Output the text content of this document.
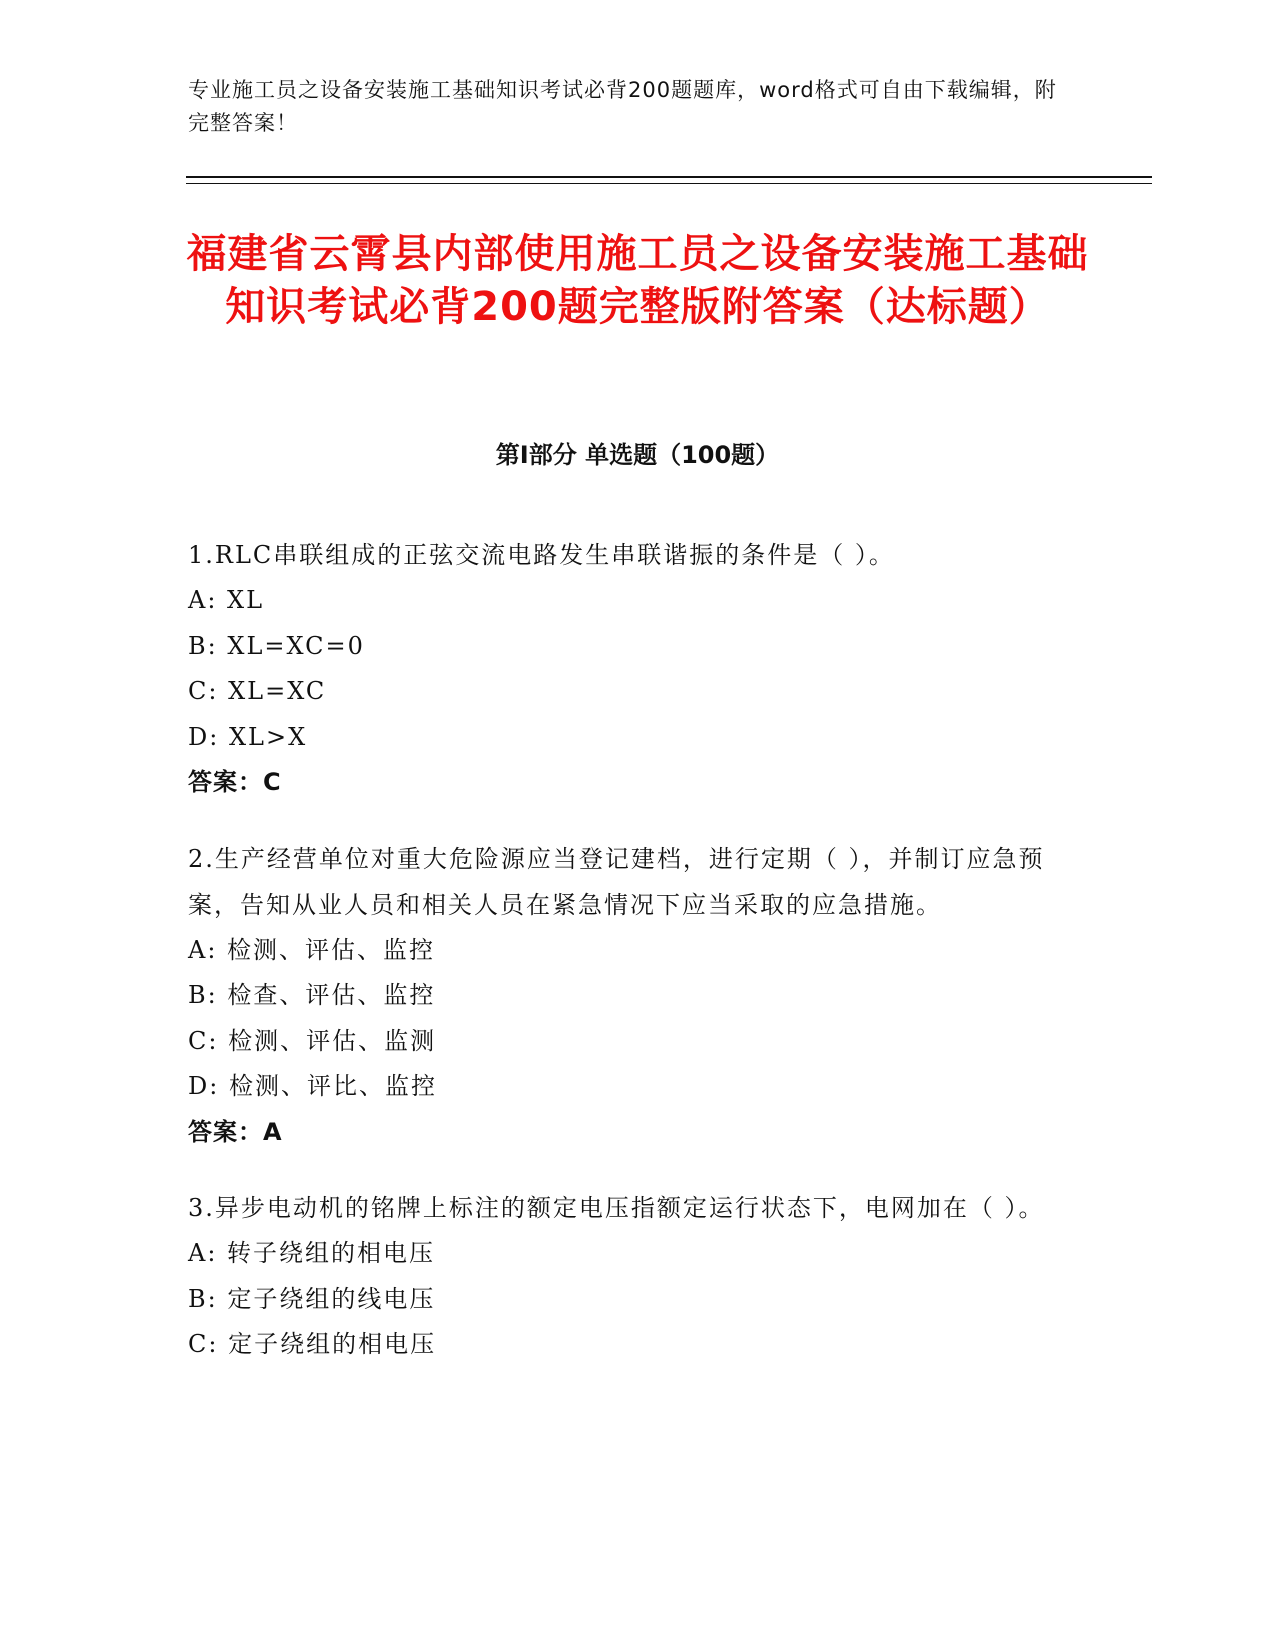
专业施工员之设备安装施工基础知识考试必背200题题库，word格式可自由下载编辑，附完整答案！
福建省云霄县内部使用施工员之设备安装施工基础知识考试必背200题完整版附答案（达标题）
第I部分 单选题（100题）
1.RLC串联组成的正弦交流电路发生串联谐振的条件是（ ）。
A: XL
B: XL=XC=0
C: XL=XC
D: XL>X
答案：C
2.生产经营单位对重大危险源应当登记建档，进行定期（ ），并制订应急预案，告知从业人员和相关人员在紧急情况下应当采取的应急措施。
A: 检测、评估、监控
B: 检查、评估、监控
C: 检测、评估、监测
D: 检测、评比、监控
答案：A
3.异步电动机的铭牌上标注的额定电压指额定运行状态下，电网加在（ ）。
A: 转子绕组的相电压
B: 定子绕组的线电压
C: 定子绕组的相电压
